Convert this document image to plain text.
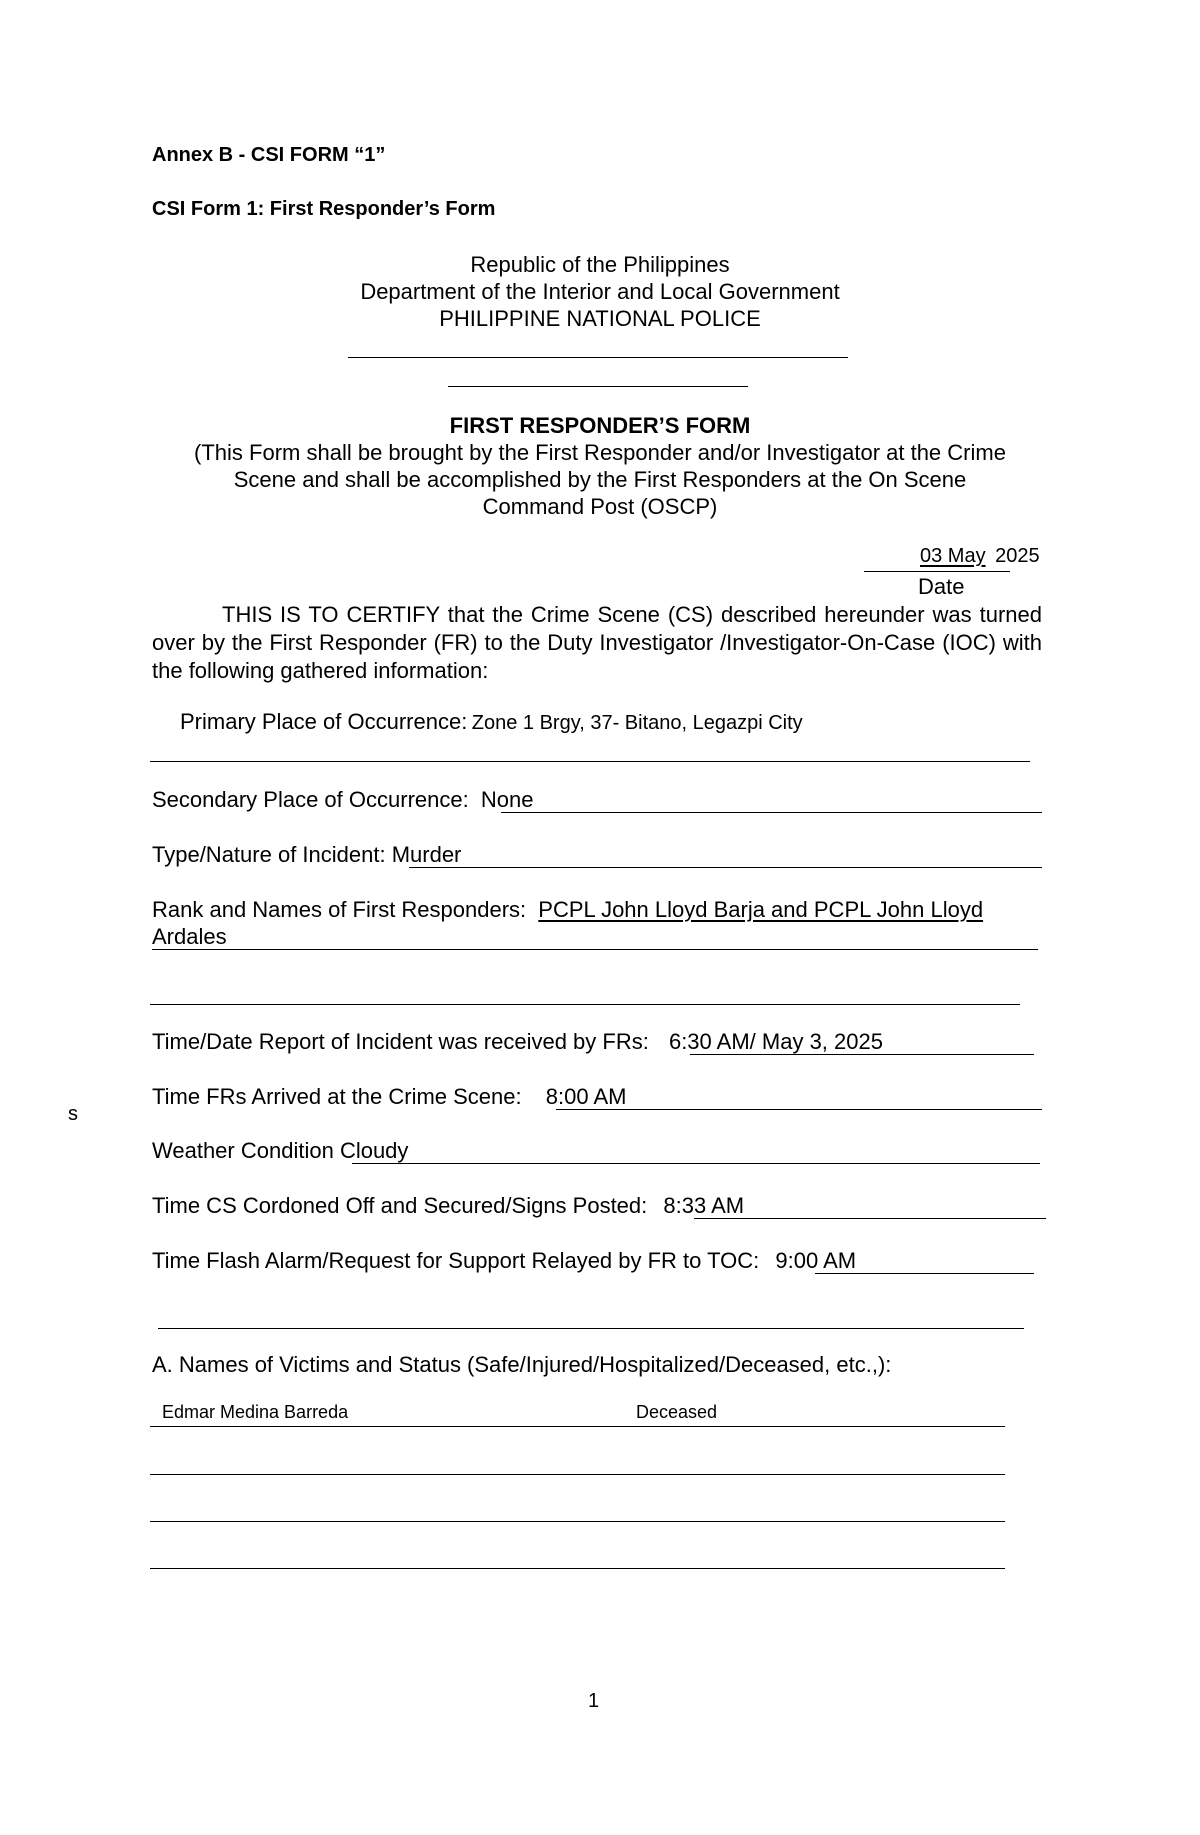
Annex B - CSI FORM “1”
CSI Form 1: First Responder’s Form
Republic of the Philippines
Department of the Interior and Local Government
PHILIPPINE NATIONAL POLICE
FIRST RESPONDER’S FORM
(This Form shall be brought by the First Responder and/or Investigator at the Crime
Scene and shall be accomplished by the First Responders at the On Scene
Command Post (OSCP)
03 May 2025
Date
THIS IS TO CERTIFY that the Crime Scene (CS) described hereunder was turned over by the First Responder (FR) to the Duty Investigator /Investigator-On-Case (IOC) with the following gathered information:
Primary Place of Occurrence: Zone 1 Brgy, 37- Bitano, Legazpi City
Secondary Place of Occurrence: None
Type/Nature of Incident: Murder
Rank and Names of First Responders: PCPL John Lloyd Barja and PCPL John Lloyd
Ardales
Time/Date Report of Incident was received by FRs: 6:30 AM/ May 3, 2025
Time FRs Arrived at the Crime Scene: 8:00 AM
s
Weather Condition Cloudy
Time CS Cordoned Off and Secured/Signs Posted: 8:33 AM
Time Flash Alarm/Request for Support Relayed by FR to TOC: 9:00 AM
A. Names of Victims and Status (Safe/Injured/Hospitalized/Deceased, etc.,):
Edmar Medina Barreda	Deceased
1
